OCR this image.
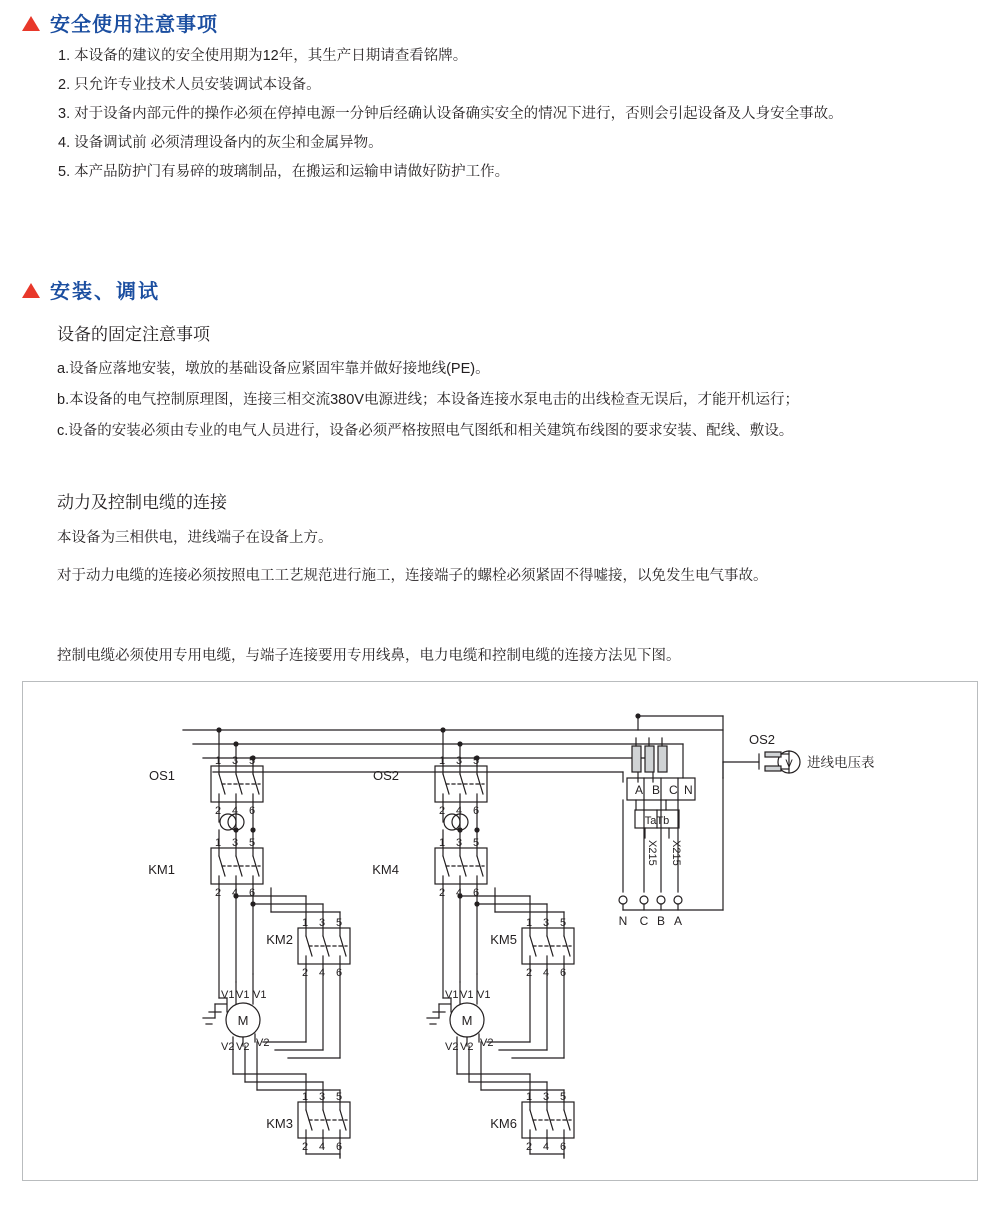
安全使用注意事项
1. 本设备的建议的安全使用期为12年，其生产日期请查看铭牌。
2. 只允许专业技术人员安装调试本设备。
3. 对于设备内部元件的操作必须在停掉电源一分钟后经确认设备确实安全的情况下进行，否则会引起设备及人身安全事故。
4. 设备调试前 必须清理设备内的灰尘和金属异物。
5. 本产品防护门有易碎的玻璃制品，在搬运和运输申请做好防护工作。
安装、调试
设备的固定注意事项
a.设备应落地安装，墩放的基础设备应紧固牢靠并做好接地线(PE)。
b.本设备的电气控制原理图，连接三相交流380V电源进线；本设备连接水泵电击的出线检查无误后，才能开机运行；
c.设备的安装必须由专业的电气人员进行，设备必须严格按照电气图纸和相关建筑布线图的要求安装、配线、敷设。
动力及控制电缆的连接
本设备为三相供电，进线端子在设备上方。
对于动力电缆的连接必须按照电工工艺规范进行施工，连接端子的螺栓必须紧固不得嘘接，以免发生电气事故。
控制电缆必须使用专用电缆，与端子连接要用专用线鼻，电力电缆和控制电缆的连接方法见下图。
OS1	OS2
KM1	KM4
KM2	KM5
KM3	KM6
OS2
进线电压表
V
1 3 5
2 4 6
1 3 5
2 4 6
1 3 5
2 4 6
1 3 5
2 4 6
1 3 5
2 4 6
1 3 5
2 4 6
1 3 5
2 4 6
1 3 5
2 4 6
V1 V1 V1
V2 V2 V2
M
V1 V1 V1
V2 V2 V2
M
A B C N
TaTb
N C B A
X215 X215
